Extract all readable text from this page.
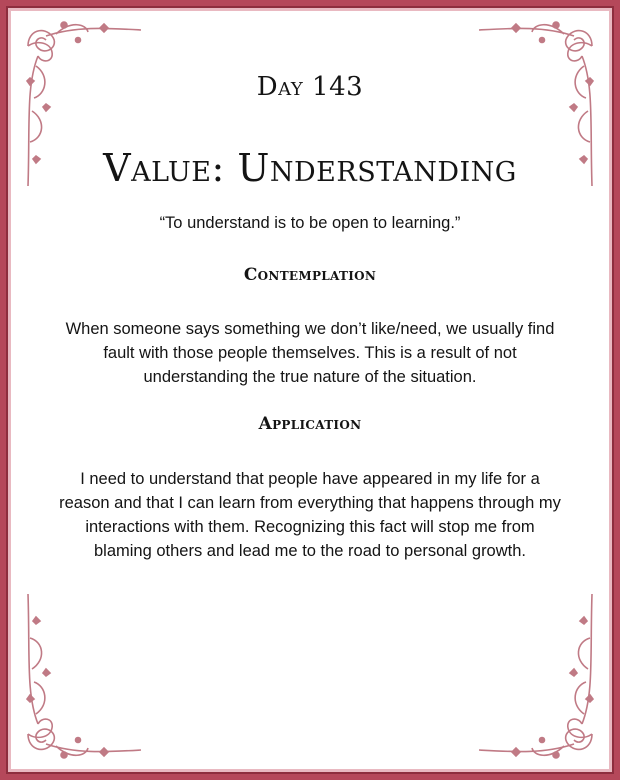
Day 143
Value: Understanding
“To understand is to be open to learning.”
Contemplation
When someone says something we don’t like/need, we usually find fault with those people themselves. This is a result of not understanding the true nature of the situation.
Application
I need to understand that people have appeared in my life for a reason and that I can learn from everything that happens through my interactions with them. Recognizing this fact will stop me from blaming others and lead me to the road to personal growth.
